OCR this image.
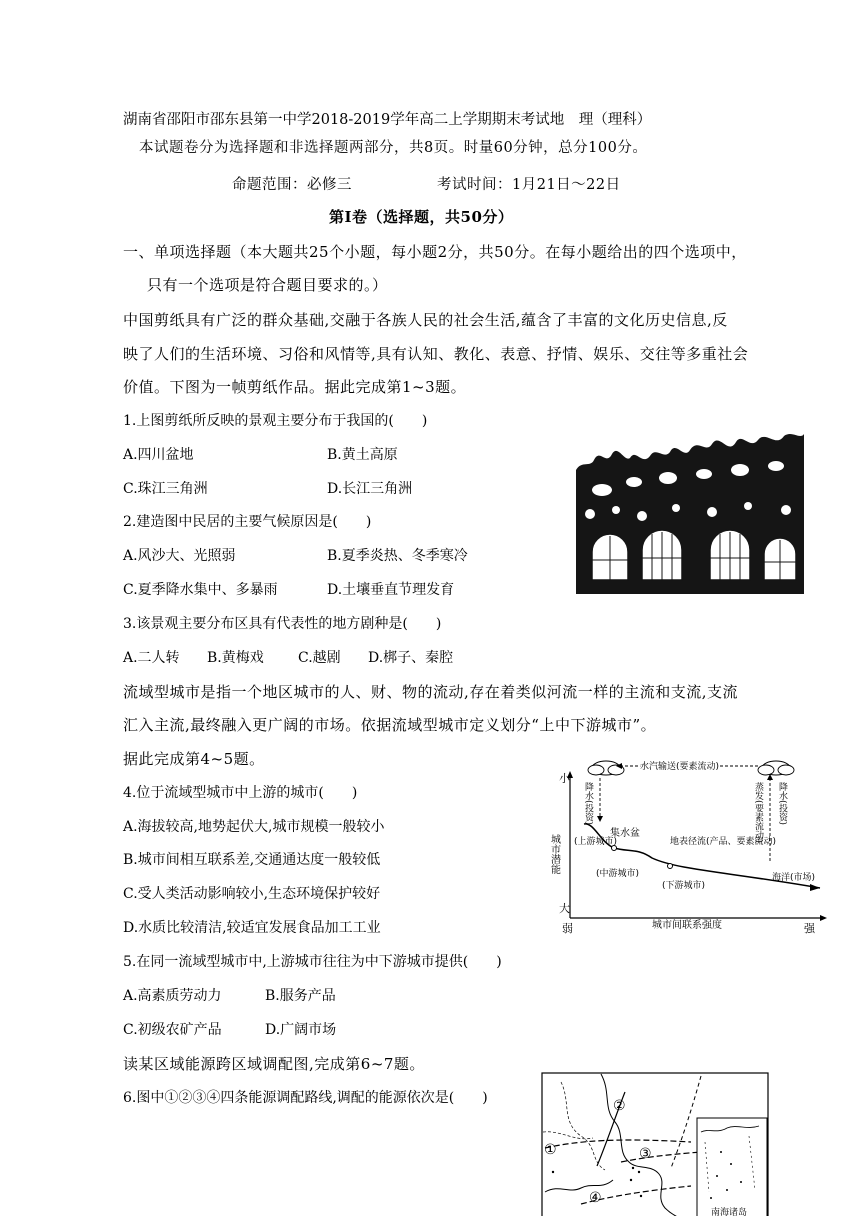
湖南省邵阳市邵东县第一中学2018-2019学年高二上学期期末考试地　理（理科）
本试题卷分为选择题和非选择题两部分，共8页。时量60分钟，总分100分。
命题范围：必修三	考试时间：1月21日～22日
第Ⅰ卷（选择题，共50分）
一、单项选择题（本大题共25个小题，每小题2分，共50分。在每小题给出的四个选项中，
只有一个选项是符合题目要求的。）
中国剪纸具有广泛的群众基础,交融于各族人民的社会生活,蕴含了丰富的文化历史信息,反
映了人们的生活环境、习俗和风情等,具有认知、教化、表意、抒情、娱乐、交往等多重社会
价值。下图为一帧剪纸作品。据此完成第1~3题。
1.上图剪纸所反映的景观主要分布于我国的(　　)
A.四川盆地	B.黄土高原
C.珠江三角洲	D.长江三角洲
2.建造图中民居的主要气候原因是(　　)
A.风沙大、光照弱	B.夏季炎热、冬季寒冷
C.夏季降水集中、多暴雨	D.土壤垂直节理发育
3.该景观主要分布区具有代表性的地方剧种是(　　)
A.二人转 B.黄梅戏 C.越剧 D.梆子、秦腔
流域型城市是指一个地区城市的人、财、物的流动,存在着类似河流一样的主流和支流,支流
汇入主流,最终融入更广阔的市场。依据流域型城市定义划分“上中下游城市”。
据此完成第4~5题。
4.位于流域型城市中上游的城市(　　)
A.海拔较高,地势起伏大,城市规模一般较小
B.城市间相互联系差,交通通达度一般较低
C.受人类活动影响较小,生态环境保护较好
D.水质比较清洁,较适宜发展食品加工工业
5.在同一流域型城市中,上游城市往往为中下游城市提供(　　)
A.高素质劳动力	B.服务产品
C.初级农矿产品	D.广阔市场
读某区域能源跨区域调配图,完成第6~7题。
6.图中①②③④四条能源调配路线,调配的能源依次是(　　)
小
大
弱	强
城市间联系强度
城市潜能
水汽输送(要素流动)
降水(投资)	蒸发(要素流动) 降水(投资)
(上游城市)
集水盆
(中游城市)
地表径流(产品、要素流动)
(下游城市)
海洋(市场)
①
②
③
④
南海诸岛
